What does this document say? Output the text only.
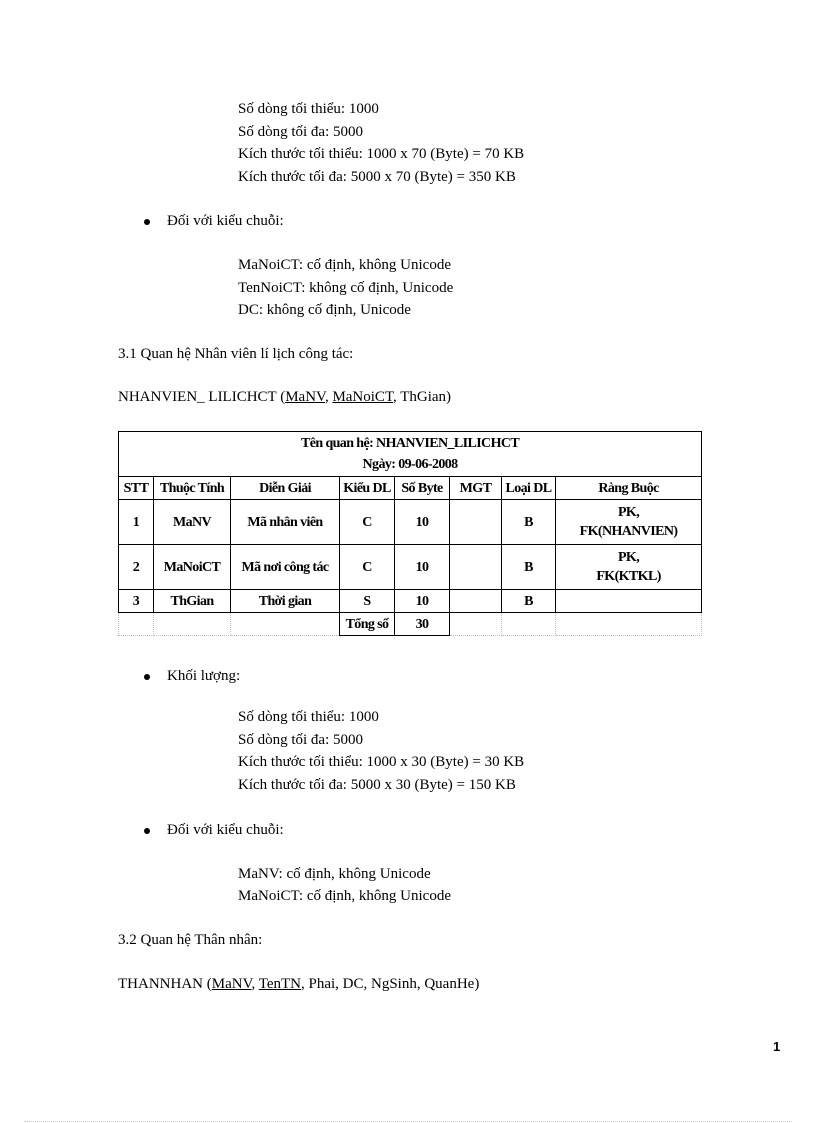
Số dòng tối thiểu: 1000
Số dòng tối đa: 5000
Kích thước tối thiểu: 1000 x 70 (Byte) = 70 KB
Kích thước tối đa: 5000 x 70 (Byte) = 350 KB
Đối với kiểu chuỗi:
MaNoiCT: cố định, không Unicode
TenNoiCT: không cố định, Unicode
DC: không cố định, Unicode
3.1 Quan hệ Nhân viên lí lịch công tác:
NHANVIEN_ LILICHCT (MaNV, MaNoiCT, ThGian)
Tên quan hệ: NHANVIEN_LILICHCT
Ngày: 09-06-2008							

STT	Thuộc Tính	Diễn Giải	Kiểu DL	Số Byte	MGT	Loại DL	Ràng Buộc
1	MaNV	Mã nhân viên	C	10		B	PK,
FK(NHANVIEN)

2	MaNoiCT	Mã nơi công tác	C	10		B	PK,
FK(KTKL)

3	ThGian	Thời gian	S	10		B	
			Tổng số	30			
Khối lượng:
Số dòng tối thiểu: 1000
Số dòng tối đa: 5000
Kích thước tối thiểu: 1000 x 30 (Byte) = 30 KB
Kích thước tối đa: 5000 x 30 (Byte) = 150 KB
Đối với kiểu chuỗi:
MaNV: cố định, không Unicode
MaNoiCT: cố định, không Unicode
3.2 Quan hệ Thân nhân:
THANNHAN (MaNV, TenTN, Phai, DC, NgSinh, QuanHe)
1
